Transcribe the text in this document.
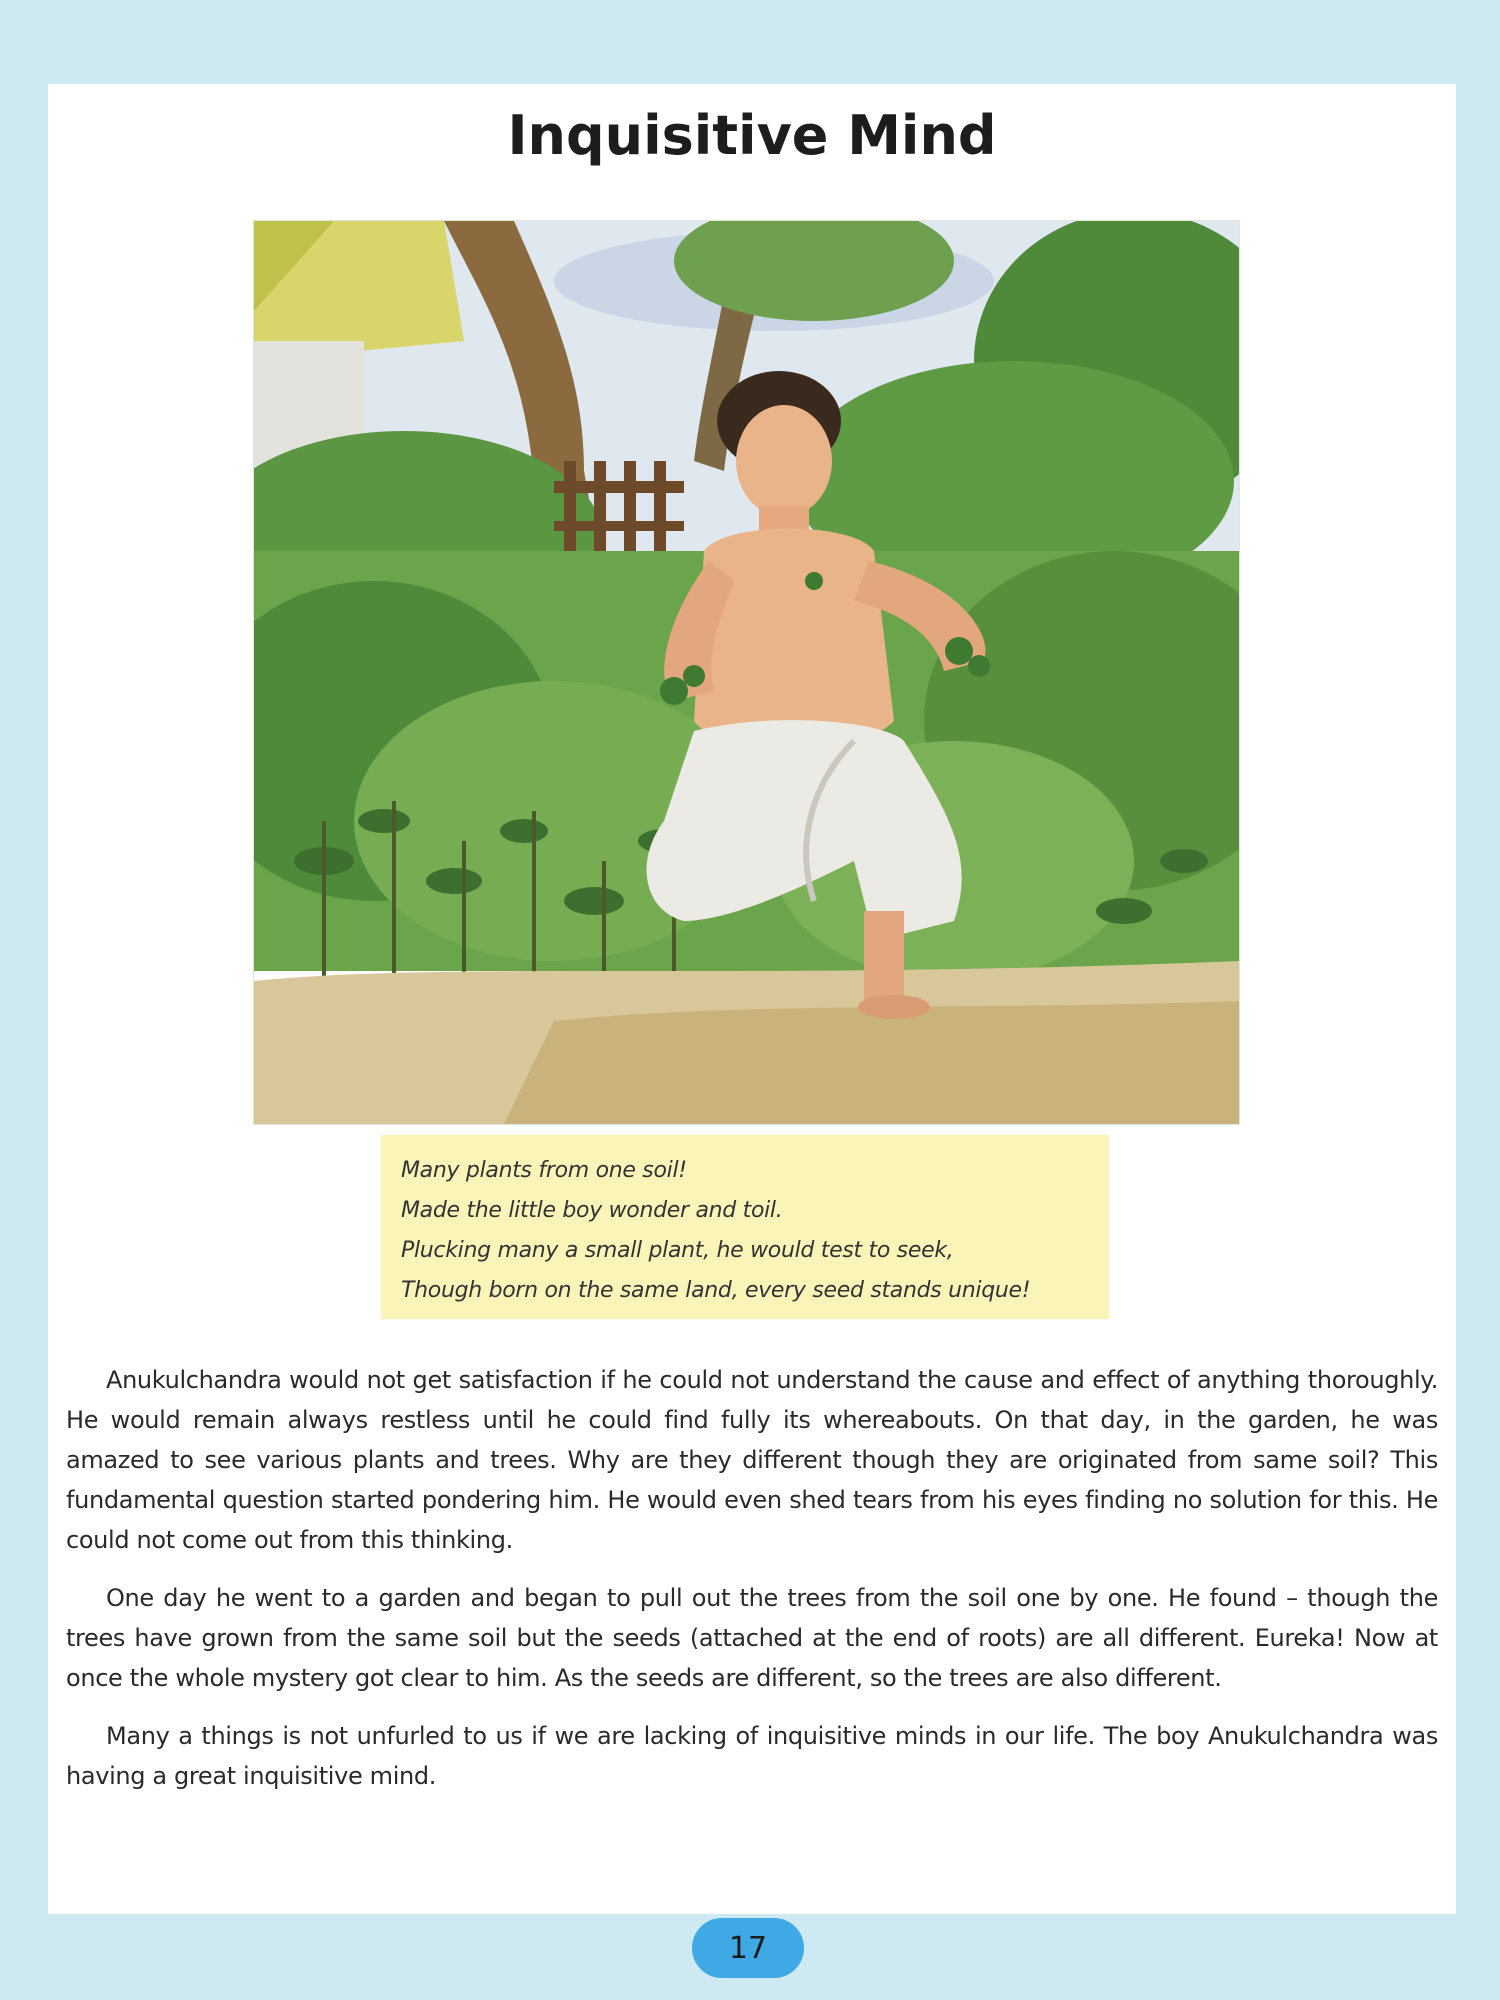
Inquisitive Mind

Many plants from one soil!

Made the little boy wonder and toil.

Plucking many a small plant, he would test to seek,

Though born on the same land, every seed stands unique!

Anukulchandra would not get satisfaction if he could not understand the cause and effect of anything thoroughly. He would remain always restless until he could find fully its whereabouts. On that day, in the garden, he was amazed to see various plants and trees. Why are they different though they are originated from same soil? This fundamental question started pondering him. He would even shed tears from his eyes finding no solution for this. He could not come out from this thinking.

One day he went to a garden and began to pull out the trees from the soil one by one. He found – though the trees have grown from the same soil but the seeds (attached at the end of roots) are all different. Eureka! Now at once the whole mystery got clear to him. As the seeds are different, so the trees are also different.

Many a things is not unfurled to us if we are lacking of inquisitive minds in our life. The boy Anukulchandra was having a great inquisitive mind.

17
